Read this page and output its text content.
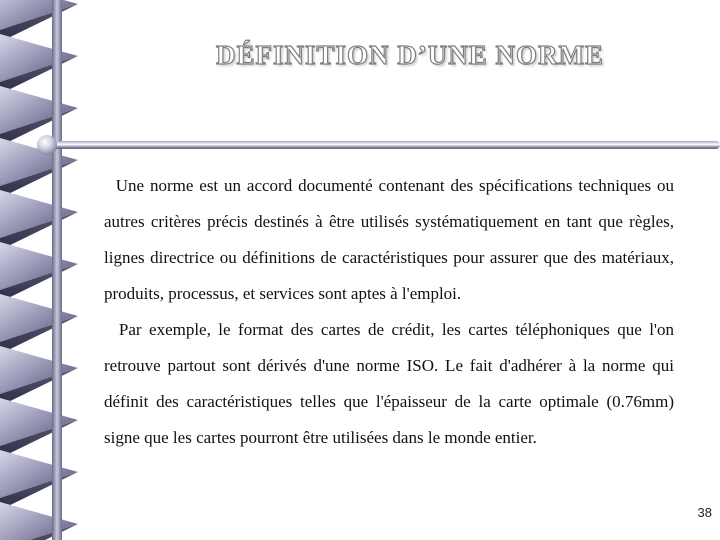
DÉFINITION D’UNE NORME

Une norme est un accord documenté contenant des spécifications techniques ou autres critères précis destinés à être utilisés systématiquement en tant que règles, lignes directrice ou définitions de caractéristiques pour assurer que des matériaux, produits, processus, et services sont aptes à l'emploi.

Par exemple, le format des cartes de crédit, les cartes téléphoniques que l'on retrouve partout sont dérivés d'une norme ISO. Le fait d'adhérer à la norme qui définit des caractéristiques telles que l'épaisseur de la carte optimale (0.76mm) signe que les cartes pourront être utilisées dans le monde entier.

38
